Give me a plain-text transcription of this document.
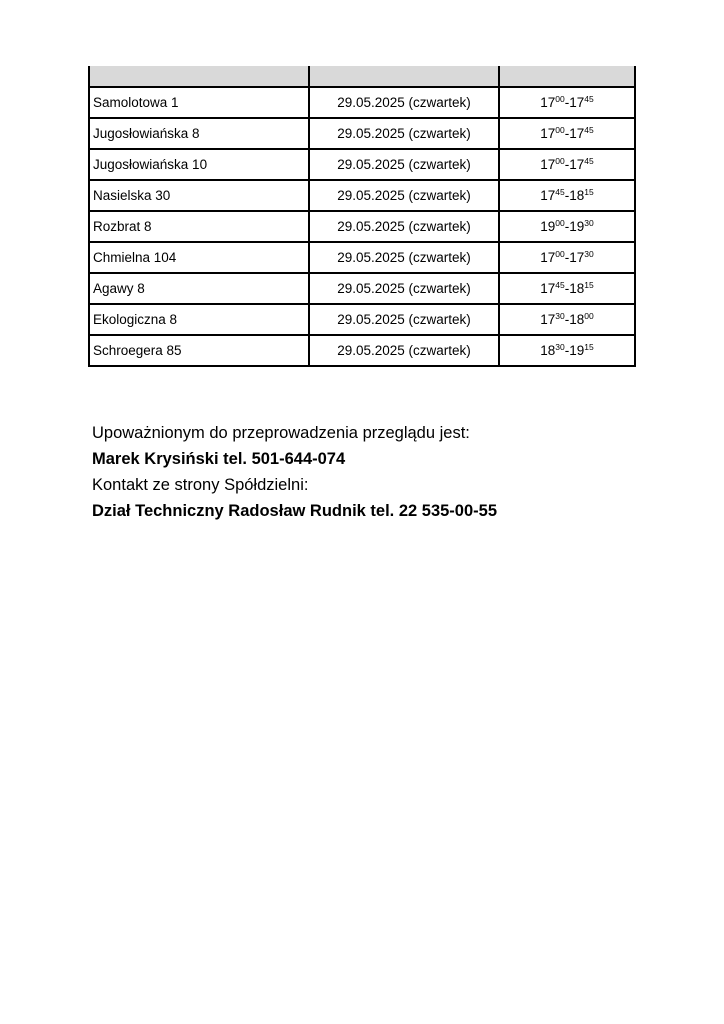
Samolotowa 1	29.05.2025 (czwartek)	$17^{00}-17^{45}$
Jugosłowiańska 8	29.05.2025 (czwartek)	$17^{00}-17^{45}$
Jugosłowiańska 10	29.05.2025 (czwartek)	$17^{00}-17^{45}$
Nasielska 30	29.05.2025 (czwartek)	$17^{45}-18^{15}$
Rozbrat 8	29.05.2025 (czwartek)	$19^{00}-19^{30}$
Chmielna 104	29.05.2025 (czwartek)	$17^{00}-17^{30}$
Agawy 8	29.05.2025 (czwartek)	$17^{45}-18^{15}$
Ekologiczna 8	29.05.2025 (czwartek)	$17^{30}-18^{00}$
Schroegera 85	29.05.2025 (czwartek)	$18^{30}-19^{15}$
Upoważnionym do przeprowadzenia przeglądu jest:
Marek Krysiński tel. 501-644-074
Kontakt ze strony Spółdzielni:
Dział Techniczny Radosław Rudnik tel. 22 535-00-55
